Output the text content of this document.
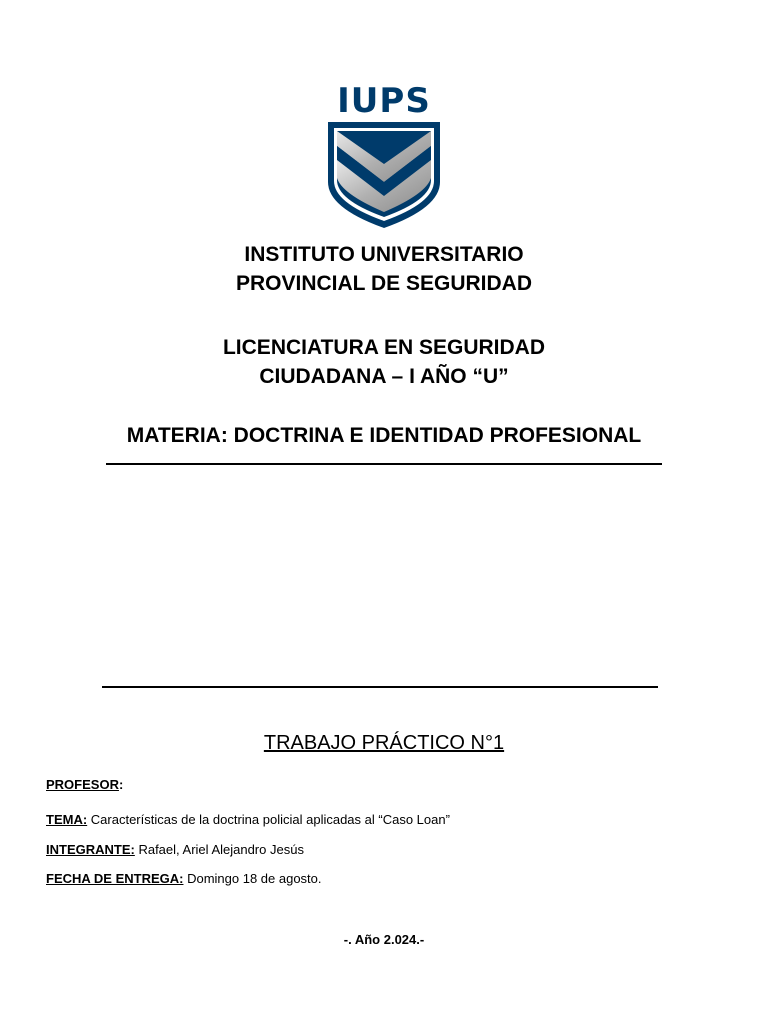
IUPS
INSTITUTO UNIVERSITARIO
PROVINCIAL DE SEGURIDAD
LICENCIATURA EN SEGURIDAD
CIUDADANA – I AÑO “U”
MATERIA: DOCTRINA E IDENTIDAD PROFESIONAL
TRABAJO PRÁCTICO N°1
PROFESOR:
TEMA: Características de la doctrina policial aplicadas al “Caso Loan”
INTEGRANTE: Rafael, Ariel Alejandro Jesús
FECHA DE ENTREGA: Domingo 18 de agosto.
-. Año 2.024.-
